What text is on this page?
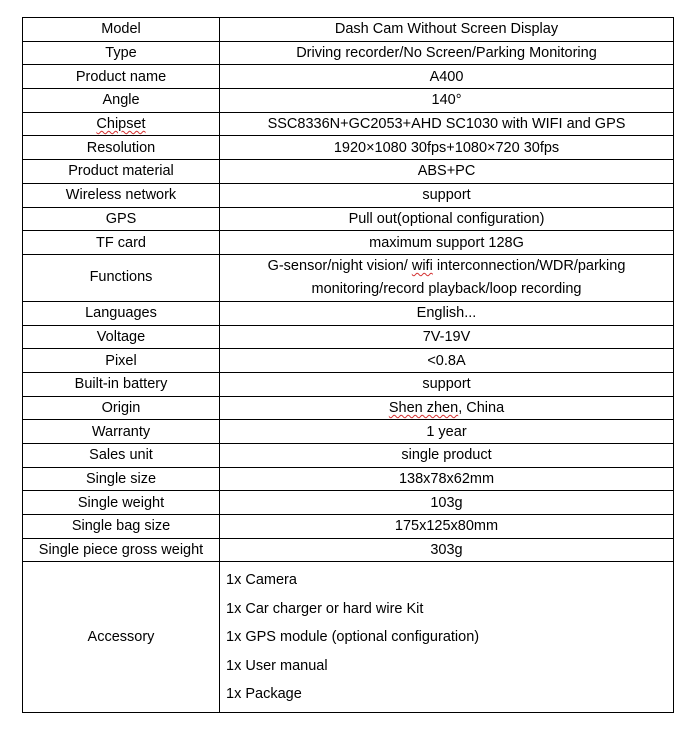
Model	Dash Cam Without Screen Display
Type	Driving recorder/No Screen/Parking Monitoring
Product name	A400
Angle	140°
Chipset	SSC8336N+GC2053+AHD SC1030 with WIFI and GPS
Resolution	1920×1080 30fps+1080×720 30fps
Product material	ABS+PC
Wireless network	support
GPS	Pull out(optional configuration)
TF card	maximum support 128G
Functions	G-sensor/night vision/ wifi interconnection/WDR/parking
monitoring/record playback/loop recording

Languages	English...
Voltage	7V-19V
Pixel	<0.8A
Built-in battery	support
Origin	Shen zhen, China
Warranty	1 year
Sales unit	single product
Single size	138x78x62mm
Single weight	103g
Single bag size	175x125x80mm
Single piece gross weight	303g
Accessory	1x Camera
1x Car charger or hard wire Kit
1x GPS module (optional configuration)
1x User manual
1x Package
